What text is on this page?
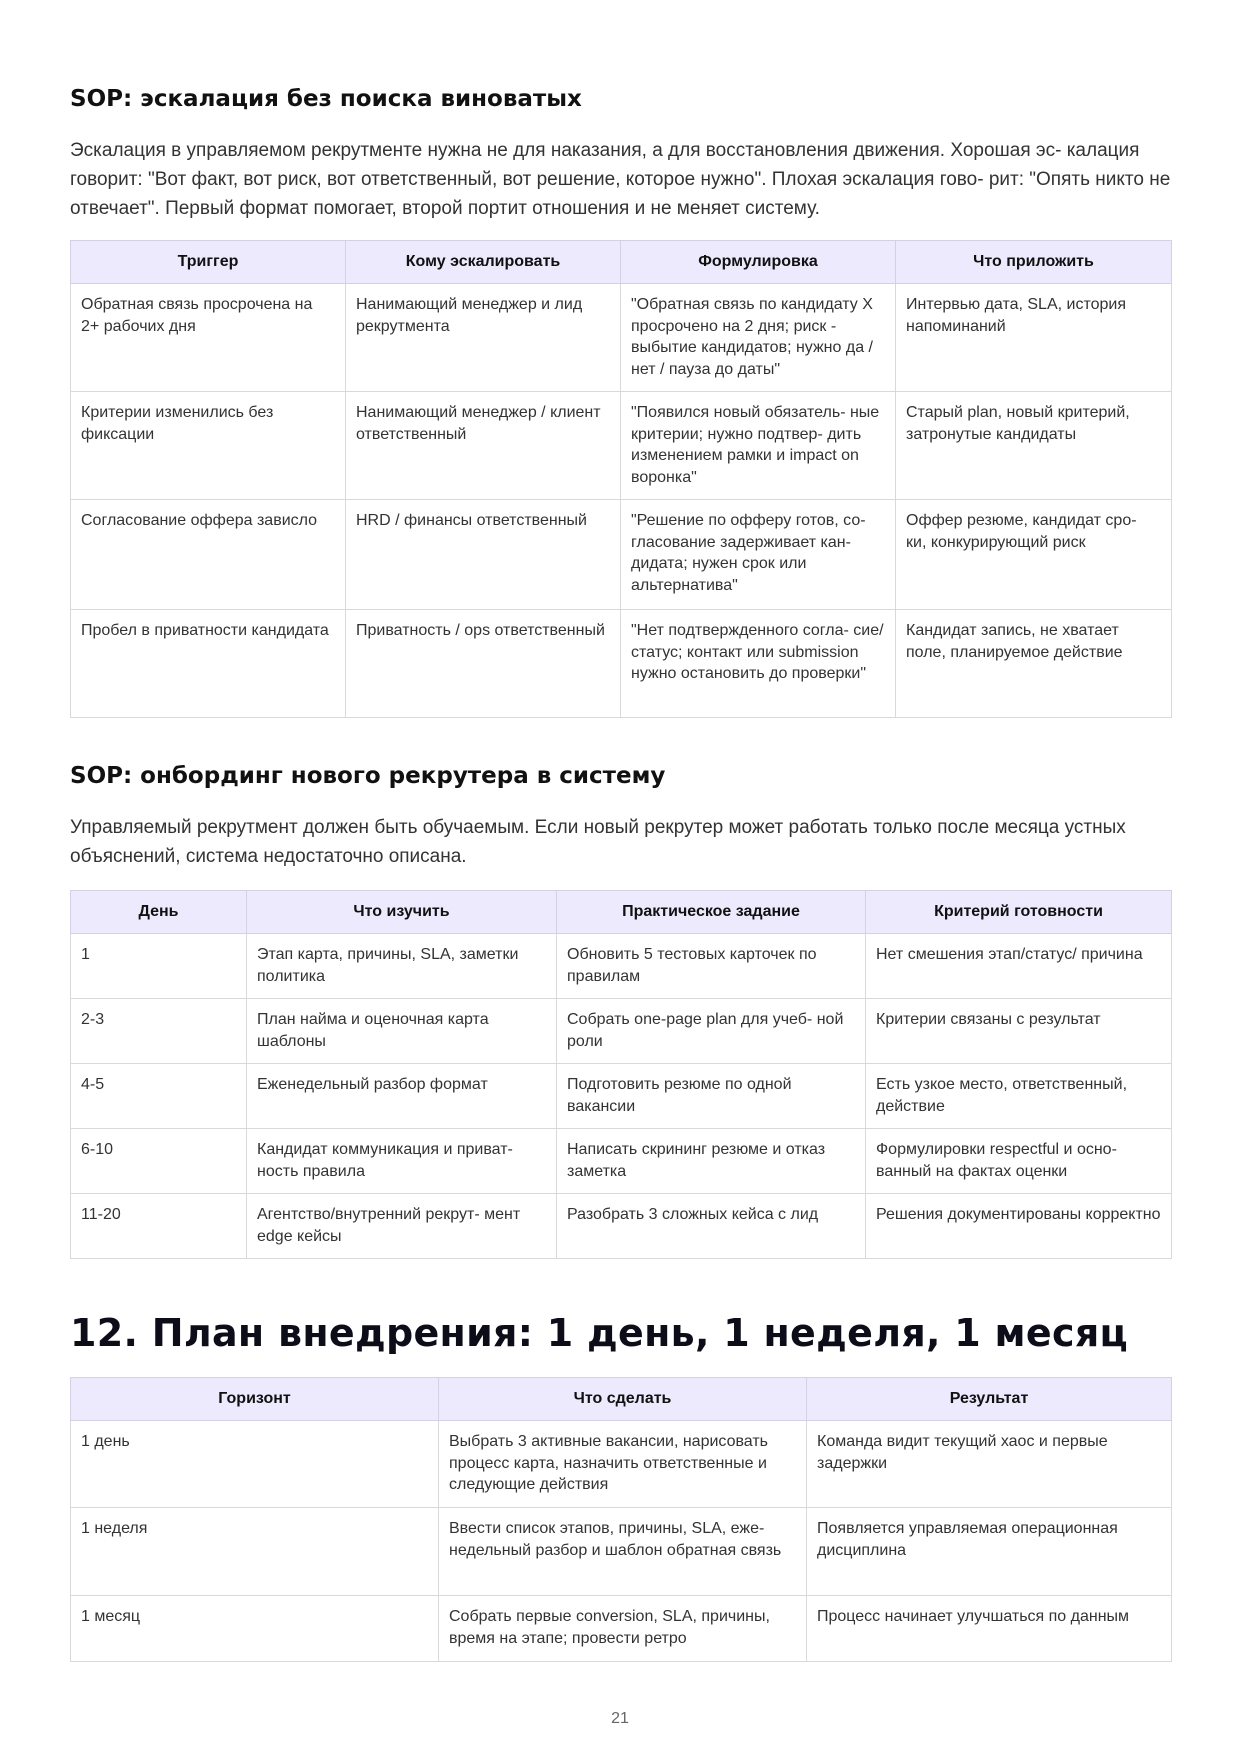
SOP: эскалация без поиска виноватых

Эскалация в управляемом рекрутменте нужна не для наказания, а для восстановления движения. Хорошая эс- калация говорит: "Вот факт, вот риск, вот ответственный, вот решение, которое нужно". Плохая эскалация гово- рит: "Опять никто не отвечает". Первый формат помогает, второй портит отношения и не меняет систему.

Триггер	Кому эскалировать	Формулировка	Что приложить
Обратная связь просрочена на 2+ рабочих дня	Нанимающий менеджер и лид рекрутмента	"Обратная связь по кандидату X просрочено на 2 дня; риск - выбытие кандидатов; нужно да / нет / пауза до даты"	Интервью дата, SLA, история напоминаний
Критерии изменились без фиксации	Нанимающий менеджер / клиент ответственный	"Появился новый обязатель- ные критерии; нужно подтвер- дить изменением рамки и impact on воронка"	Старый plan, новый критерий, затронутые кандидаты
Согласование оффера зависло	HRD / финансы ответственный	"Решение по офферу готов, со- гласование задерживает кан- дидата; нужен срок или альтернатива"	Оффер резюме, кандидат сро- ки, конкурирующий риск
Пробел в приватности кандидата	Приватность / ops ответственный	"Нет подтвержденного согла- сие/статус; контакт или submission нужно остановить до проверки"	Кандидат запись, не хватает поле, планируемое действие
SOP: онбординг нового рекрутера в систему

Управляемый рекрутмент должен быть обучаемым. Если новый рекрутер может работать только после месяца устных объяснений, система недостаточно описана.

День	Что изучить	Практическое задание	Критерий готовности
1	Этап карта, причины, SLA, заметки политика	Обновить 5 тестовых карточек по правилам	Нет смешения этап/статус/ причина
2-3	План найма и оценочная карта шаблоны	Собрать one-page plan для учеб- ной роли	Критерии связаны с результат
4-5	Еженедельный разбор формат	Подготовить резюме по одной вакансии	Есть узкое место, ответственный, действие
6-10	Кандидат коммуникация и приват- ность правила	Написать скрининг резюме и отказ заметка	Формулировки respectful и осно- ванный на фактах оценки
11-20	Агентство/внутренний рекрут- мент edge кейсы	Разобрать 3 сложных кейса с лид	Решения документированы корректно
12. План внедрения: 1 день, 1 неделя, 1 месяц
Горизонт	Что сделать	Результат
1 день	Выбрать 3 активные вакансии, нарисовать процесс карта, назначить ответственные и следующие действия	Команда видит текущий хаос и первые задержки
1 неделя	Ввести список этапов, причины, SLA, еже- недельный разбор и шаблон обратная связь	Появляется управляемая операционная дисциплина
1 месяц	Собрать первые conversion, SLA, причины, время на этапе; провести ретро	Процесс начинает улучшаться по данным
21
